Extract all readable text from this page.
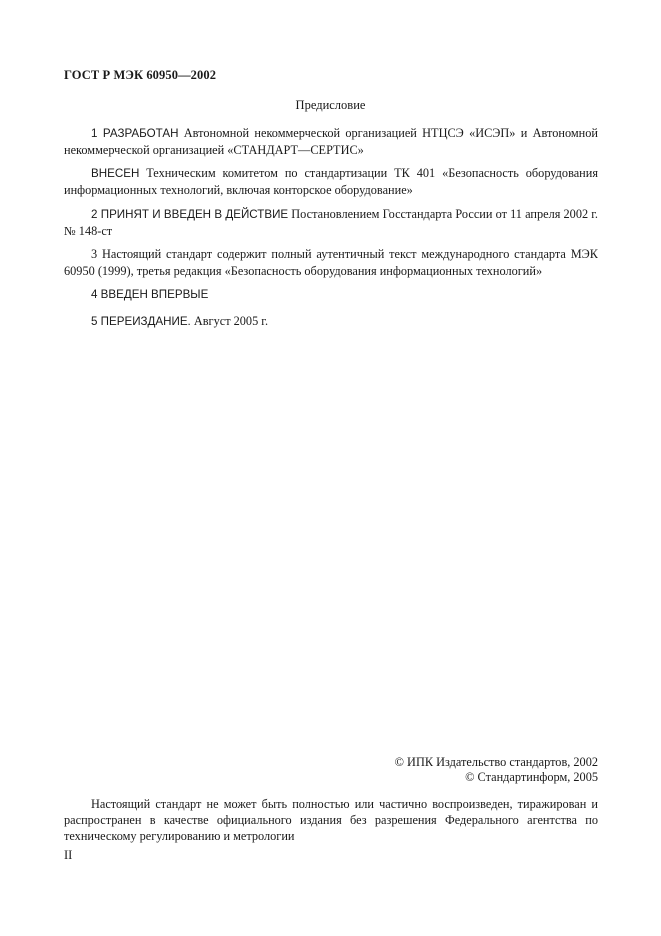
ГОСТ Р МЭК 60950—2002
Предисловие
1 РАЗРАБОТАН Автономной некоммерческой организацией НТЦСЭ «ИСЭП» и Автономной некоммерческой организацией «СТАНДАРТ—СЕРТИС»
ВНЕСЕН Техническим комитетом по стандартизации ТК 401 «Безопасность оборудования информационных технологий, включая конторское оборудование»
2 ПРИНЯТ И ВВЕДЕН В ДЕЙСТВИЕ Постановлением Госстандарта России от 11 апреля 2002 г. № 148-ст
3 Настоящий стандарт содержит полный аутентичный текст международного стандарта МЭК 60950 (1999), третья редакция «Безопасность оборудования информационных технологий»
4 ВВЕДЕН ВПЕРВЫЕ
5 ПЕРЕИЗДАНИЕ. Август 2005 г.
© ИПК Издательство стандартов, 2002
© Стандартинформ, 2005
Настоящий стандарт не может быть полностью или частично воспроизведен, тиражирован и распространен в качестве официального издания без разрешения Федерального агентства по техническому регулированию и метрологии
II
